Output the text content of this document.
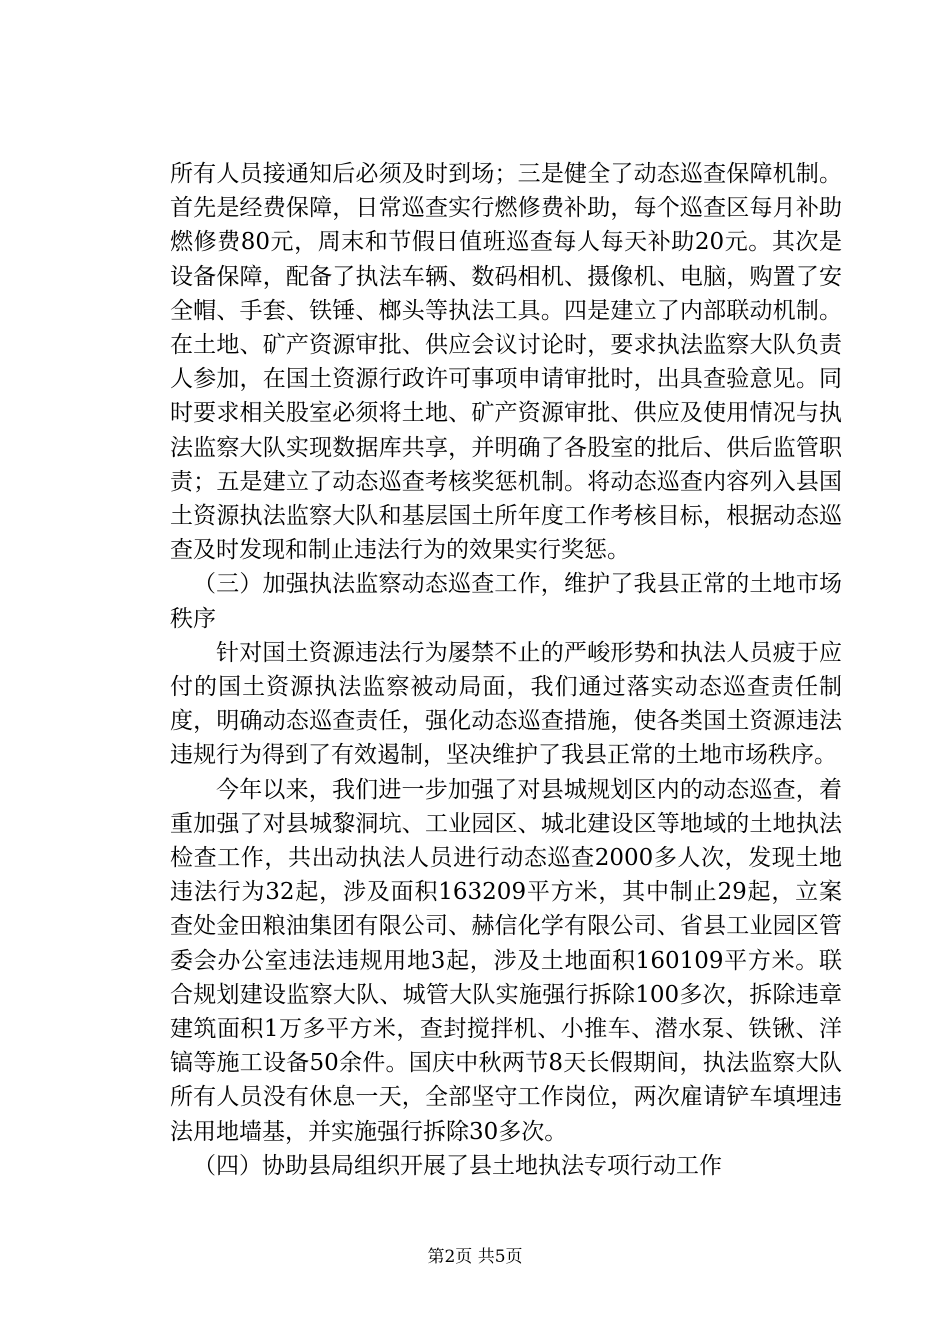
所有人员接通知后必须及时到场；三是健全了动态巡查保障机制。首先是经费保障，日常巡查实行燃修费补助，每个巡查区每月补助燃修费80元，周末和节假日值班巡查每人每天补助20元。其次是设备保障，配备了执法车辆、数码相机、摄像机、电脑，购置了安全帽、手套、铁锤、榔头等执法工具。四是建立了内部联动机制。在土地、矿产资源审批、供应会议讨论时，要求执法监察大队负责人参加，在国土资源行政许可事项申请审批时，出具查验意见。同时要求相关股室必须将土地、矿产资源审批、供应及使用情况与执法监察大队实现数据库共享，并明确了各股室的批后、供后监管职责；五是建立了动态巡查考核奖惩机制。将动态巡查内容列入县国土资源执法监察大队和基层国土所年度工作考核目标，根据动态巡查及时发现和制止违法行为的效果实行奖惩。

（三）加强执法监察动态巡查工作，维护了我县正常的土地市场秩序

针对国土资源违法行为屡禁不止的严峻形势和执法人员疲于应付的国土资源执法监察被动局面，我们通过落实动态巡查责任制度，明确动态巡查责任，强化动态巡查措施，使各类国土资源违法违规行为得到了有效遏制，坚决维护了我县正常的土地市场秩序。

今年以来，我们进一步加强了对县城规划区内的动态巡查，着重加强了对县城黎洞坑、工业园区、城北建设区等地域的土地执法检查工作，共出动执法人员进行动态巡查2000多人次，发现土地违法行为32起，涉及面积163209平方米，其中制止29起，立案查处金田粮油集团有限公司、赫信化学有限公司、省县工业园区管委会办公室违法违规用地3起，涉及土地面积160109平方米。联合规划建设监察大队、城管大队实施强行拆除100多次，拆除违章建筑面积1万多平方米，查封搅拌机、小推车、潜水泵、铁锹、洋镐等施工设备50余件。国庆中秋两节8天长假期间，执法监察大队所有人员没有休息一天，全部坚守工作岗位，两次雇请铲车填埋违法用地墙基，并实施强行拆除30多次。

（四）协助县局组织开展了县土地执法专项行动工作

第2页 共5页
